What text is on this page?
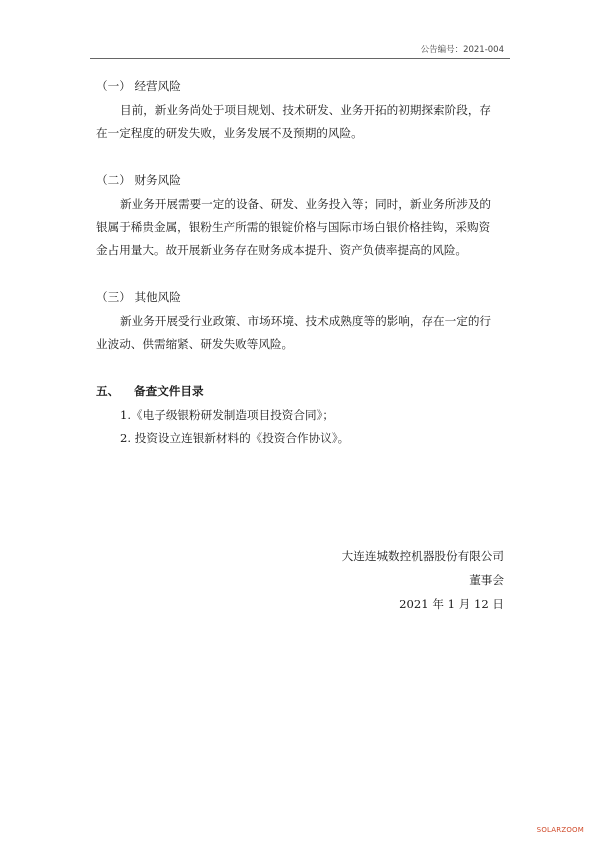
公告编号：2021-004
（一） 经营风险
目前，新业务尚处于项目规划、技术研发、业务开拓的初期探索阶段，存
在一定程度的研发失败，业务发展不及预期的风险。
（二） 财务风险
新业务开展需要一定的设备、研发、业务投入等；同时，新业务所涉及的
银属于稀贵金属，银粉生产所需的银锭价格与国际市场白银价格挂钩，采购资
金占用量大。故开展新业务存在财务成本提升、资产负债率提高的风险。
（三） 其他风险
新业务开展受行业政策、市场环境、技术成熟度等的影响，存在一定的行
业波动、供需缩紧、研发失败等风险。
五、 备查文件目录
1.《电子级银粉研发制造项目投资合同》；
2. 投资设立连银新材料的《投资合作协议》。
大连连城数控机器股份有限公司
董事会
2021 年 1 月 12 日
SOLARZOOM
